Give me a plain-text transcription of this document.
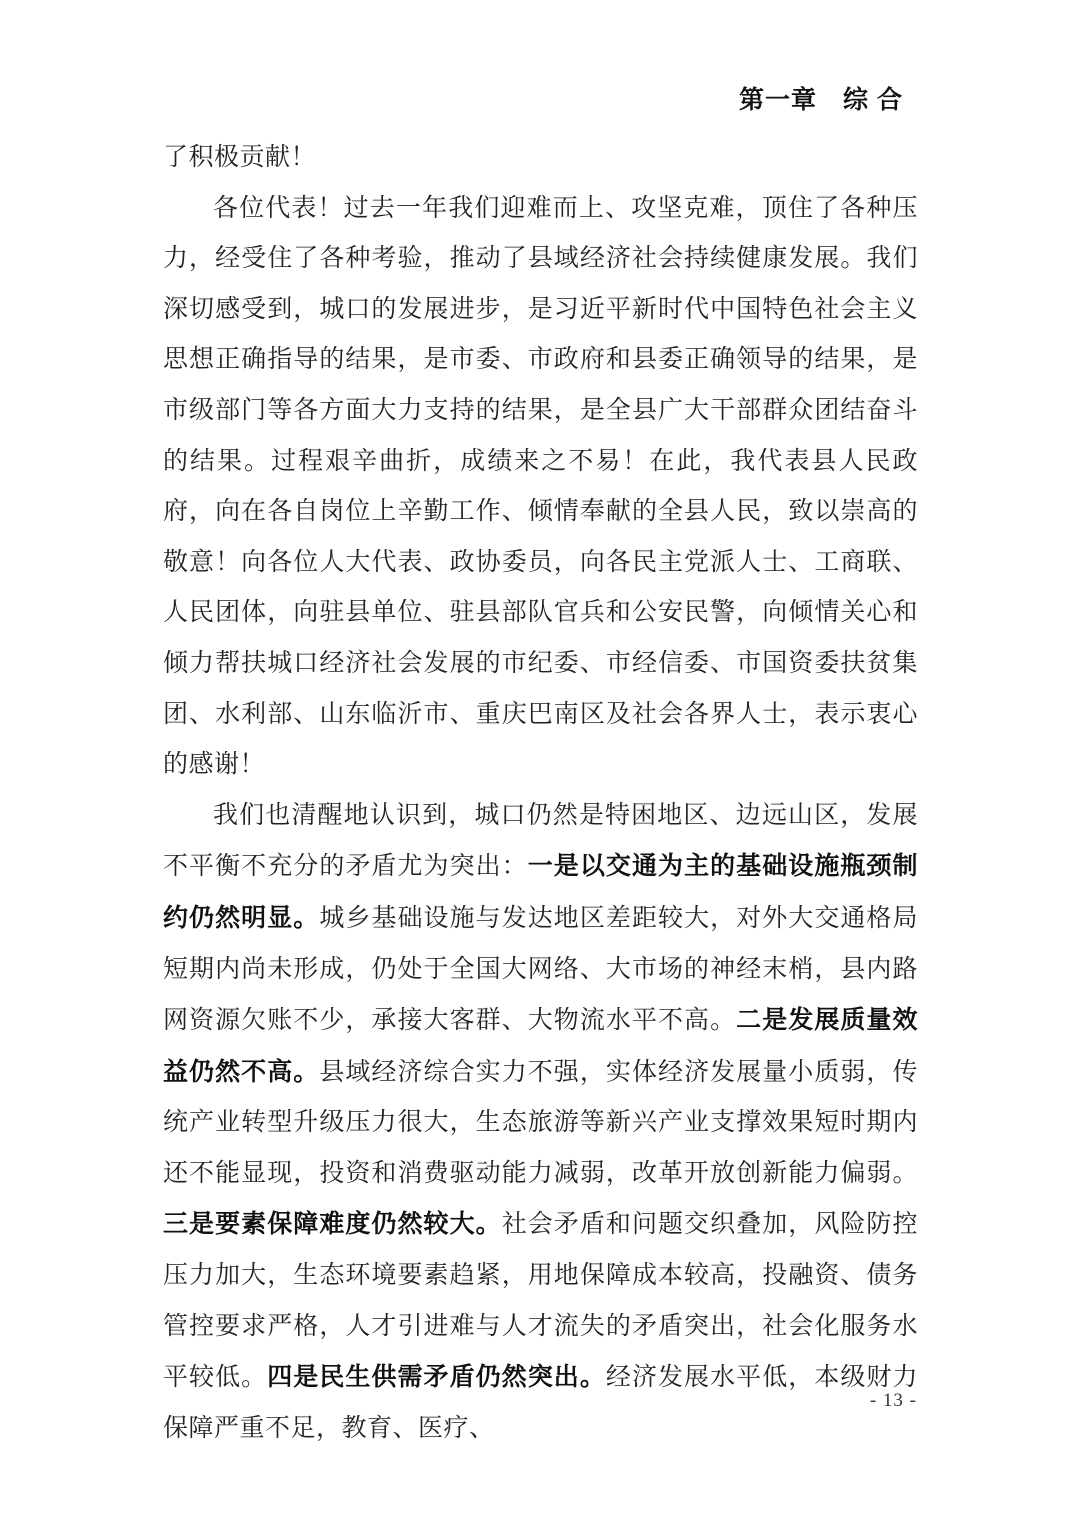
第一章　综 合

了积极贡献！

各位代表！过去一年我们迎难而上、攻坚克难，顶住了各种压力，经受住了各种考验，推动了县域经济社会持续健康发展。我们深切感受到，城口的发展进步，是习近平新时代中国特色社会主义思想正确指导的结果，是市委、市政府和县委正确领导的结果，是市级部门等各方面大力支持的结果，是全县广大干部群众团结奋斗的结果。过程艰辛曲折，成绩来之不易！在此，我代表县人民政府，向在各自岗位上辛勤工作、倾情奉献的全县人民，致以崇高的敬意！向各位人大代表、政协委员，向各民主党派人士、工商联、人民团体，向驻县单位、驻县部队官兵和公安民警，向倾情关心和倾力帮扶城口经济社会发展的市纪委、市经信委、市国资委扶贫集团、水利部、山东临沂市、重庆巴南区及社会各界人士，表示衷心的感谢！

我们也清醒地认识到，城口仍然是特困地区、边远山区，发展不平衡不充分的矛盾尤为突出：一是以交通为主的基础设施瓶颈制约仍然明显。城乡基础设施与发达地区差距较大，对外大交通格局短期内尚未形成，仍处于全国大网络、大市场的神经末梢，县内路网资源欠账不少，承接大客群、大物流水平不高。二是发展质量效益仍然不高。县域经济综合实力不强，实体经济发展量小质弱，传统产业转型升级压力很大，生态旅游等新兴产业支撑效果短时期内还不能显现，投资和消费驱动能力减弱，改革开放创新能力偏弱。三是要素保障难度仍然较大。社会矛盾和问题交织叠加，风险防控压力加大，生态环境要素趋紧，用地保障成本较高，投融资、债务管控要求严格，人才引进难与人才流失的矛盾突出，社会化服务水平较低。四是民生供需矛盾仍然突出。经济发展水平低，本级财力保障严重不足，教育、医疗、

- 13 -
